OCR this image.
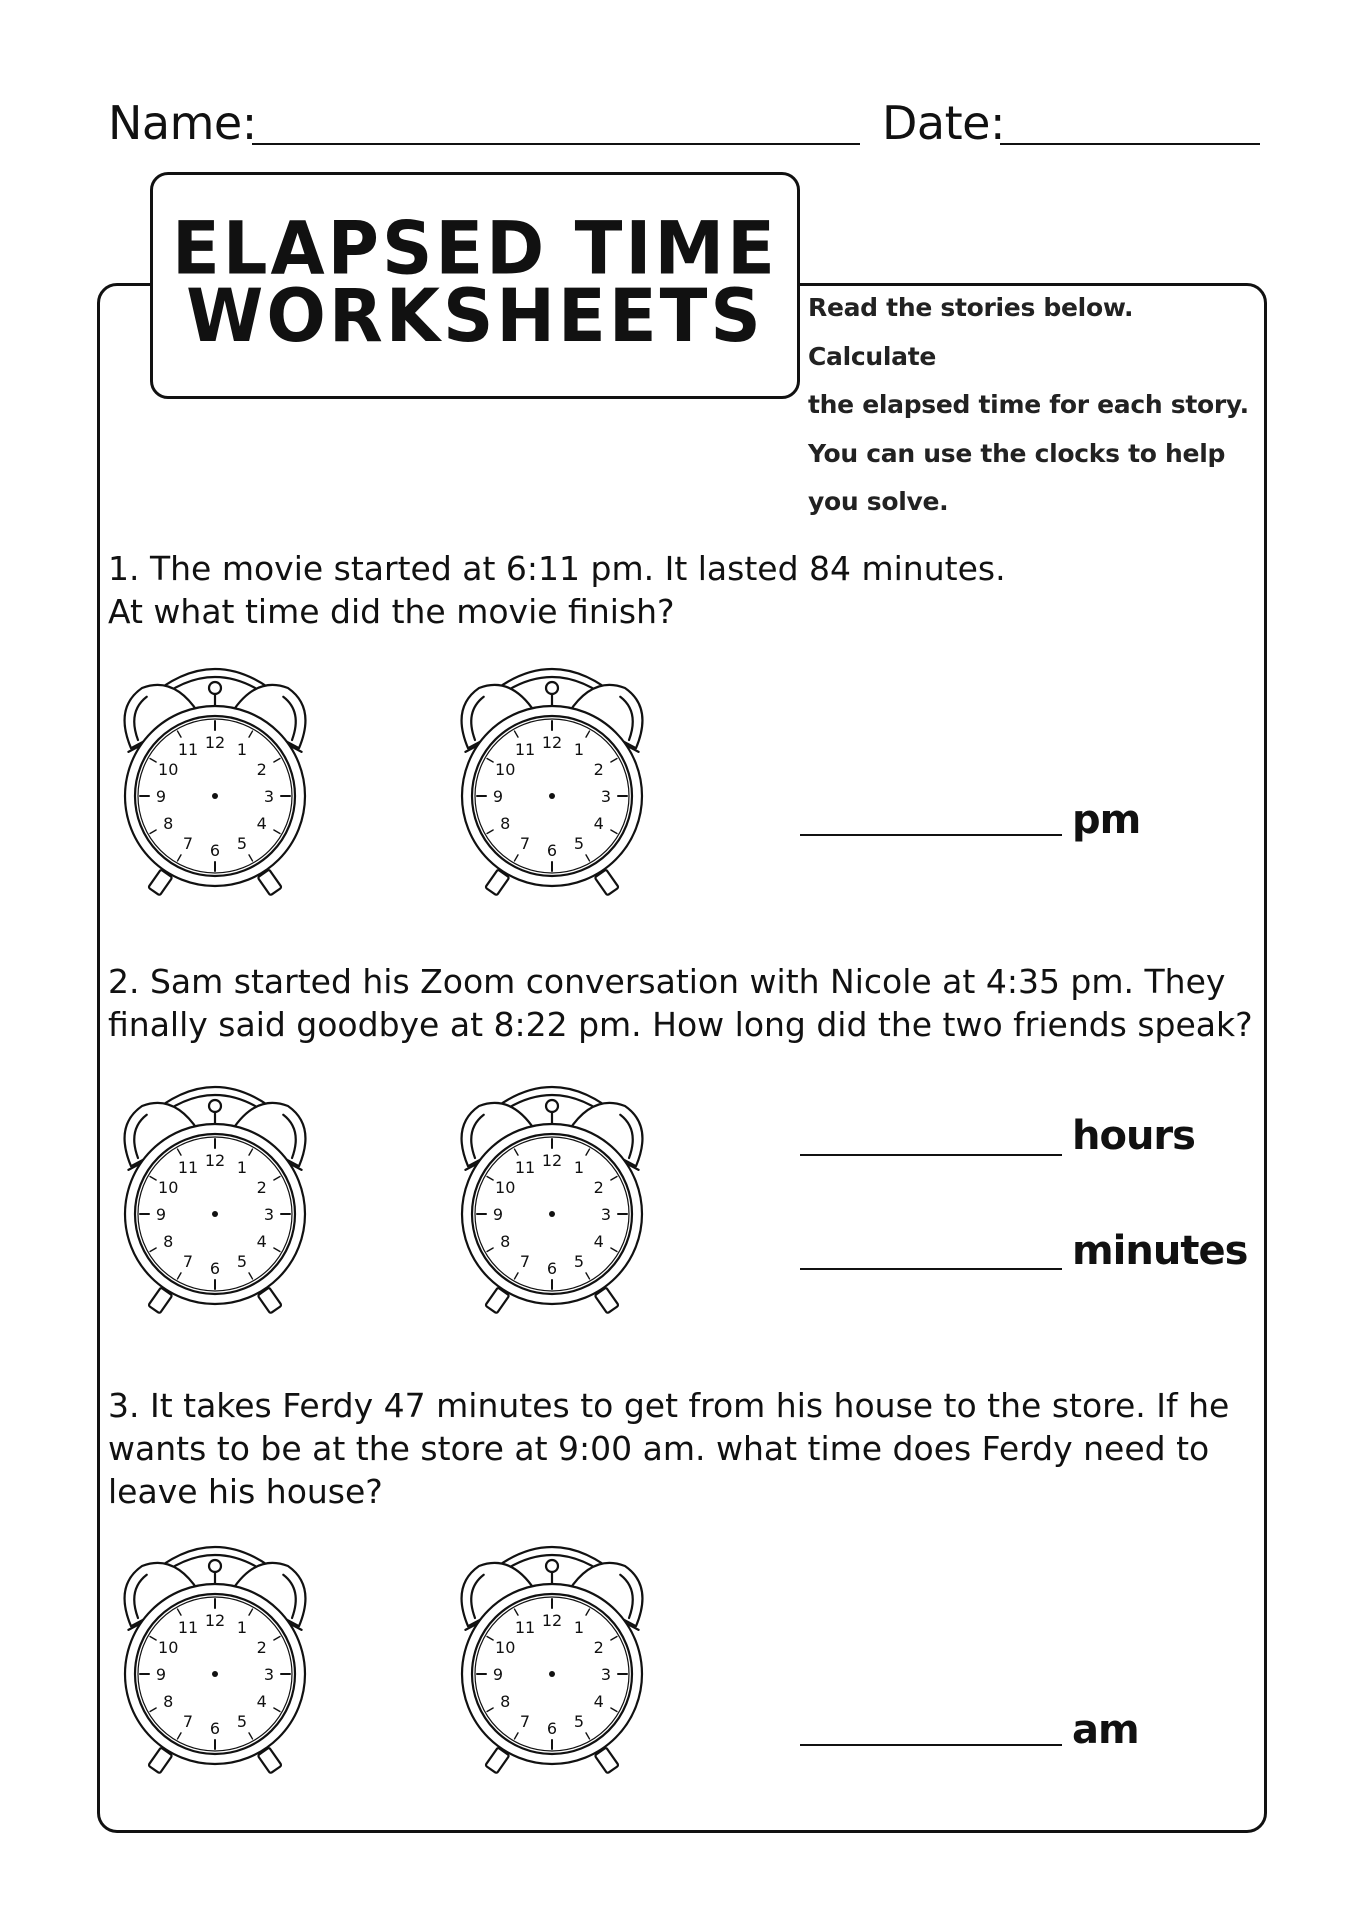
Name:	Date:
ELAPSED TIME
WORKSHEETS	Read the stories below. Calculate
the elapsed time for each story.
You can use the clocks to help
you solve.
1. The movie started at 6:11 pm. It lasted 84 minutes.
At what time did the movie finish?
12 1
2
3
4
5
6
7
8
9
10
11	12 1
2
3
4
5
6
7
8
9
10
11
pm
2. Sam started his Zoom conversation with Nicole at 4:35 pm. They
finally said goodbye at 8:22 pm. How long did the two friends speak?
12 1
2
3
4
5
6
7
8
9
10
11	12 1
2
3
4
5
6
7
8
9
10
11
hours
minutes
3. It takes Ferdy 47 minutes to get from his house to the store. If he
wants to be at the store at 9:00 am. what time does Ferdy need to
leave his house?
12 1
2
3
4
5
6
7
8
9
10
11	12 1
2
3
4
5
6
7
8
9
10
11
am
